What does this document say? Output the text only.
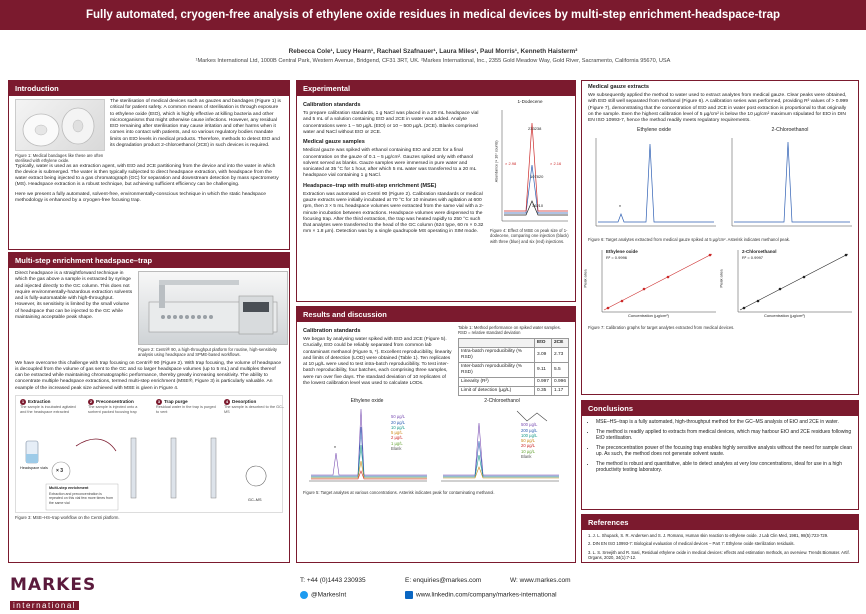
Fully automated, cryogen-free analysis of ethylene oxide residues in medical devices by multi-step enrichment-headspace-trap
Rebecca Cole¹, Lucy Hearn¹, Rachael Szafnauer¹, Laura Miles¹, Paul Morris¹, Kenneth Haisterm²
¹Markes International Ltd, 1000B Central Park, Western Avenue, Bridgend, CF31 3RT, UK. ²Markes International, Inc., 2355 Gold Meadow Way, Gold River, Sacramento, California 95670, USA
Introduction
Figure 1: Medical bandages like these are often sterilised with ethylene oxide.

The sterilisation of medical devices such as gauzes and bandages (Figure 1) is critical for patient safety. A common means of sterilisation is through exposure to ethylene oxide (EtO), which is highly effective at killing bacteria and other microorganisms that might otherwise cause infections. However, any residual EtO remaining after sterilisation may cause irritation and other harms when it comes into contact with patients, and so various regulatory bodies mandate limits on EtO levels in medical products. Therefore, methods to detect EtO and its degradation product 2-chloroethanol (2CE) in such devices is required.

Typically, water is used as an extraction agent, with EtO and 2CE partitioning from the device and into the water in which the device is submerged. The water is then typically subjected to direct headspace extraction, with headspace from the water extract being injected to a gas chromatograph (GC) for separation and downstream detection by mass spectrometry (MS). Headspace extraction is a robust technique, but achieving sufficient efficiency can be challenging.

Here we present a fully automated, solvent-free, environmentally-conscious technique in which the static headspace methodology is enhanced by a cryogen-free focusing trap.

Multi-step enrichment headspace–trap

Direct headspace is a straightforward technique in which the gas above a sample is extracted by syringe and injected directly to the GC column. This does not require environmentally-hazardous extraction solvents and is fully-automatable with high-throughput. However, its sensitivity is limited by the small volume of headspace that can be injected to the GC while maintaining acceptable peak shape.

Figure 2: Centri® 90, a high-throughput platform for routine, high-sensitivity analysis using headspace and SPME-based workflows.

We have overcome this challenge with trap focusing on Centri® 90 (Figure 2). With trap focusing, the volume of headspace is decoupled from the volume of gas sent to the GC and so larger headspace volumes (up to 5 mL) and multiples thereof can be extracted while maintaining chromatographic performance, thereby greatly increasing sensitivity. The ability to concentrate multiple headspace extractions, termed multi-step enrichment (MSE®, Figure 3) is particularly valuable. An example of the increased peak size achieved with MSE is given in Figure 4.

1 Extraction
The sample is incubated agitated and the headspace extracted
2 Preconcentration
The sample is injected onto a sorbent packed focusing trap
3 Trap purge
Residual water in the trap is purged to vent
4 Desorption
The sample is desorbed to the GC–MS
Headspace vials × 3
Multi-step enrichment
Extraction and preconcentration is repeated on this vial few more times from the same vial
GC–MS
Figure 3: MSE–HS–trap workflow on the Centri platform.
Experimental
Calibration standards

To prepare calibration standards, 1 g NaCl was placed in a 20 mL headspace vial and 5 mL of a solution containing EtO and 2CE in water was added. Analyte concentrations were 1 – 50 µg/L (EtO) or 10 – 500 µg/L (2CE). Blanks comprised water and NaCl without EtO or 2CE.

Medical gauze samples

Medical gauze was spiked with ethanol containing EtO and 2CE for a final concentration on the gauze of 0.1 – 5 µg/cm². Gauzes spiked only with ethanol solvent served as blanks. Gauze samples were immersed in pure water and sonicated at 35 °C for 1 hour, after which 5 mL water was transferred to a 20 mL headspace vial containing 1 g NaCl.

Headspace–trap with multi-step enrichment (MSE)

Extraction was automated on Centri 90 (Figure 2). Calibration standards or medical gauze extracts were initially incubated at 70 °C for 10 minutes with agitation at 600 rpm, then 3 × 5 mL headspace volumes were extracted from the same vial with a 2-minute incubation between extractions. Headspace volumes were dispensed to the focusing trap. After the third extraction, the trap was heated rapidly to 250 °C such that analytes were transferred to the head of the GC column (624 type, 60 m × 0.32 mm × 1.8 µm). Detection was by a single quadrupole MS operating in SIM mode.

1-Dodecene
233238
107820
36210
× 2.98	× 2.16
Abundance (× 10⁴ counts)
Figure 4: Effect of MSE on peak size of 1-dodecene, comparing one injection (black) with three (blue) and six (red) injections.
Results and discussion
Calibration standards

We began by analysing water spiked with EtO and 2CE (Figure 5). Crucially, EtO could be reliably separated from common lab contaminant methanol (Figure 5, *). Excellent reproducibility, linearity and limits of detection (LOD) were obtained (Table 1). Ten replicates at 10 µg/L were used to test intra-batch reproducibility. To test inter-batch reproducibility, four batches, each comprising three samples, were run over five days. The standard deviation of 10 replicates of the lowest calibration level was used to calculate LODs.

Table 1: Method performance on spiked water samples. RSD = relative standard deviation
	EtO	2CE
Intra-batch reproducibility (% RSD)	3.09	2.73
Inter-batch reproducibility (% RSD)	9.11	5.5
Linearity (R²)	0.997	0.996
Limit of detection (µg/L)	0.35	1.17
Ethylene oxide
*
50 µg/L
20 µg/L
10 µg/L
5 µg/L
2 µg/L
1 µg/L
Blank
2-Chloroethanol
500 µg/L
200 µg/L
100 µg/L
50 µg/L
20 µg/L
10 µg/L
Blank
Figure 5: Target analytes at various concentrations. Asterisk indicates peak for contaminating methanol.
Medical gauze extracts

We subsequently applied the method to water used to extract analytes from medical gauze. Clear peaks were obtained, with EtO still well separated from methanol (Figure 6). A calibration series was performed, providing R² values of > 0.999 (Figure 7), demonstrating that the concentration of EtO and 2CE in water post extraction is proportional to that originally on the sample. Even the highest calibration level of 5 µg/cm² is below the 10 µg/cm² maximum stipulated for EtO in DIN EN ISO 10993-7, hence the method readily meets regulatory requirements.

Ethylene oxide
*
2-Chloroethanol
Figure 6: Target analytes extracted from medical gauze spiked at 5 µg/cm². Asterisk indicates methanol peak.
Ethylene oxide
R² = 0.9996
Concentration (µg/cm²)
Peak area
2-Chloroethanol
R² = 0.9997
Concentration (µg/cm²)
Peak area
Figure 7: Calibration graphs for target analytes extracted from medical devices.
Conclusions
• MSE–HS–trap is a fully automated, high-throughput method for the GC–MS analysis of EtO and 2CE in water.
• The method is readily applied to extracts from medical devices, which may harbour EtO and 2CE residues following EtO sterilisation.
• The preconcentration power of the focusing trap enables highly sensitive analysis without the need for sample clean up. As such, the method does not generate solvent waste.
• The method is robust and quantitative, able to detect analytes at very low concentrations, ideal for use in a high productivity testing laboratory.
References
1. J. L. Shupack, S. R. Andersen and S. J. Romano, Human skin reaction to ethylene oxide. J Lab Clin Med, 1981, 98(5):723-729.
2. DIN EN ISO 10993-7: Biological evaluation of medical devices – Part 7: Ethylene oxide sterilization residuals.
3. L. S. Sreejith and R. Sasi, Residual ethylene oxide in medical devices: effects and estimation methods, an overview. Trends Biomater. Artif. Organs, 2020, 34(1):7-12.
MARKES
international
T: +44 (0)1443 230935	E: enquiries@markes.com	W: www.markes.com
@MarkesInt	www.linkedin.com/company/markes-international
